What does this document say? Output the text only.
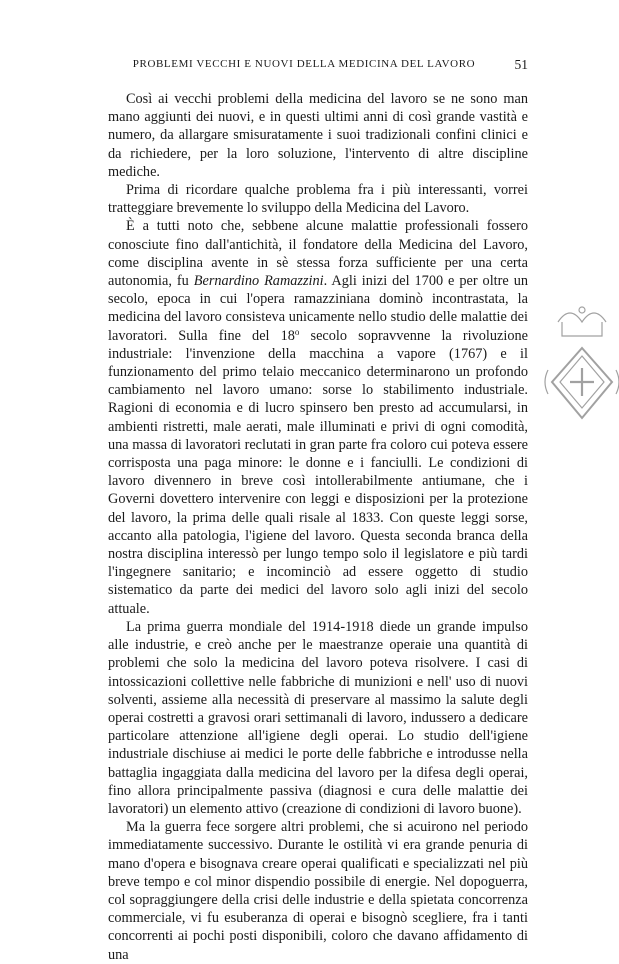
PROBLEMI VECCHI E NUOVI DELLA MEDICINA DEL LAVORO	51

Così ai vecchi problemi della medicina del lavoro se ne sono man mano aggiunti dei nuovi, e in questi ultimi anni di così grande vastità e numero, da allargare smisuratamente i suoi tradizionali confini clinici e da richiedere, per la loro soluzione, l'intervento di altre discipline mediche.

Prima di ricordare qualche problema fra i più interessanti, vorrei tratteggiare brevemente lo sviluppo della Medicina del Lavoro.

È a tutti noto che, sebbene alcune malattie professionali fossero conosciute fino dall'antichità, il fondatore della Medicina del Lavoro, come disciplina avente in sè stessa forza sufficiente per una certa autonomia, fu Bernardino Ramazzini. Agli inizi del 1700 e per oltre un secolo, epoca in cui l'opera ramazziniana dominò incontrastata, la medicina del lavoro consisteva unicamente nello studio delle malattie dei lavoratori. Sulla fine del 18$^o$ secolo sopravvenne la rivoluzione industriale: l'invenzione della macchina a vapore (1767) e il funzionamento del primo telaio meccanico determinarono un profondo cambiamento nel lavoro umano: sorse lo stabilimento industriale. Ragioni di economia e di lucro spinsero ben presto ad accumularsi, in ambienti ristretti, male aerati, male illuminati e privi di ogni comodità, una massa di lavoratori reclutati in gran parte fra coloro cui poteva essere corrisposta una paga minore: le donne e i fanciulli. Le condizioni di lavoro divennero in breve così intollerabilmente antiumane, che i Governi dovettero intervenire con leggi e disposizioni per la protezione del lavoro, la prima delle quali risale al 1833. Con queste leggi sorse, accanto alla patologia, l'igiene del lavoro. Questa seconda branca della nostra disciplina interessò per lungo tempo solo il legislatore e più tardi l'ingegnere sanitario; e incominciò ad essere oggetto di studio sistematico da parte dei medici del lavoro solo agli inizi del secolo attuale.

La prima guerra mondiale del 1914-1918 diede un grande impulso alle industrie, e creò anche per le maestranze operaie una quantità di problemi che solo la medicina del lavoro poteva risolvere. I casi di intossicazioni collettive nelle fabbriche di munizioni e nell' uso di nuovi solventi, assieme alla necessità di preservare al massimo la salute degli operai costretti a gravosi orari settimanali di lavoro, indussero a dedicare particolare attenzione all'igiene degli operai. Lo studio dell'igiene industriale dischiuse ai medici le porte delle fabbriche e introdusse nella battaglia ingaggiata dalla medicina del lavoro per la difesa degli operai, fino allora principalmente passiva (diagnosi e cura delle malattie dei lavoratori) un elemento attivo (creazione di condizioni di lavoro buone).

Ma la guerra fece sorgere altri problemi, che si acuirono nel periodo immediatamente successivo. Durante le ostilità vi era grande penuria di mano d'opera e bisognava creare operai qualificati e specializzati nel più breve tempo e col minor dispendio possibile di energie. Nel dopoguerra, col sopraggiungere della crisi delle industrie e della spietata concorrenza commerciale, vi fu esuberanza di operai e bisognò scegliere, fra i tanti concorrenti ai pochi posti disponibili, coloro che davano affidamento di una
